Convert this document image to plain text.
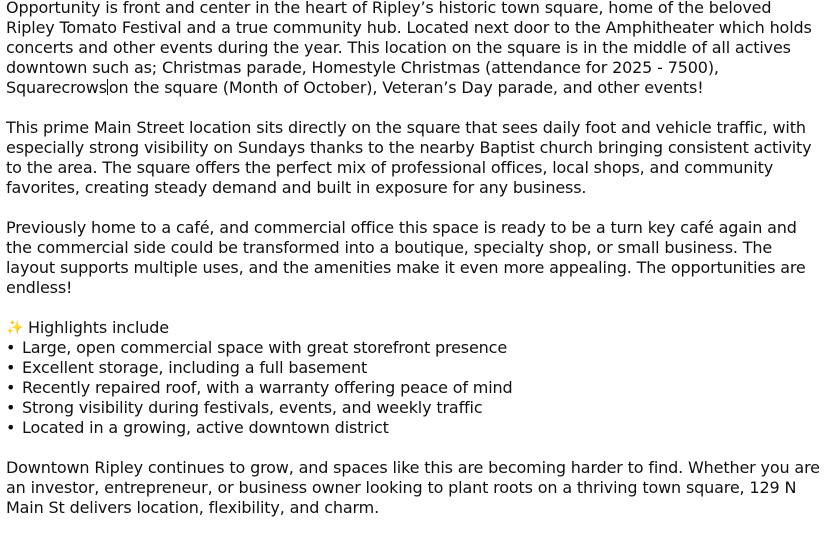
Opportunity is front and center in the heart of Ripley’s historic town square, home of the beloved Ripley Tomato Festival and a true community hub. Located next door to the Amphitheater which holds concerts and other events during the year. This location on the square is in the middle of all actives downtown such as; Christmas parade, Homestyle Christmas (attendance for 2025 - 7500), Squarecrows on the square (Month of October), Veteran’s Day parade, and other events!

This prime Main Street location sits directly on the square that sees daily foot and vehicle traffic, with especially strong visibility on Sundays thanks to the nearby Baptist church bringing consistent activity to the area. The square offers the perfect mix of professional offices, local shops, and community favorites, creating steady demand and built in exposure for any business.

Previously home to a café, and commercial office this space is ready to be a turn key café again and the commercial side could be transformed into a boutique, specialty shop, or small business. The layout supports multiple uses, and the amenities make it even more appealing. The opportunities are endless!

✨ Highlights include
• Large, open commercial space with great storefront presence
• Excellent storage, including a full basement
• Recently repaired roof, with a warranty offering peace of mind
• Strong visibility during festivals, events, and weekly traffic
• Located in a growing, active downtown district

Downtown Ripley continues to grow, and spaces like this are becoming harder to find. Whether you are an investor, entrepreneur, or business owner looking to plant roots on a thriving town square, 129 N Main St delivers location, flexibility, and charm.
